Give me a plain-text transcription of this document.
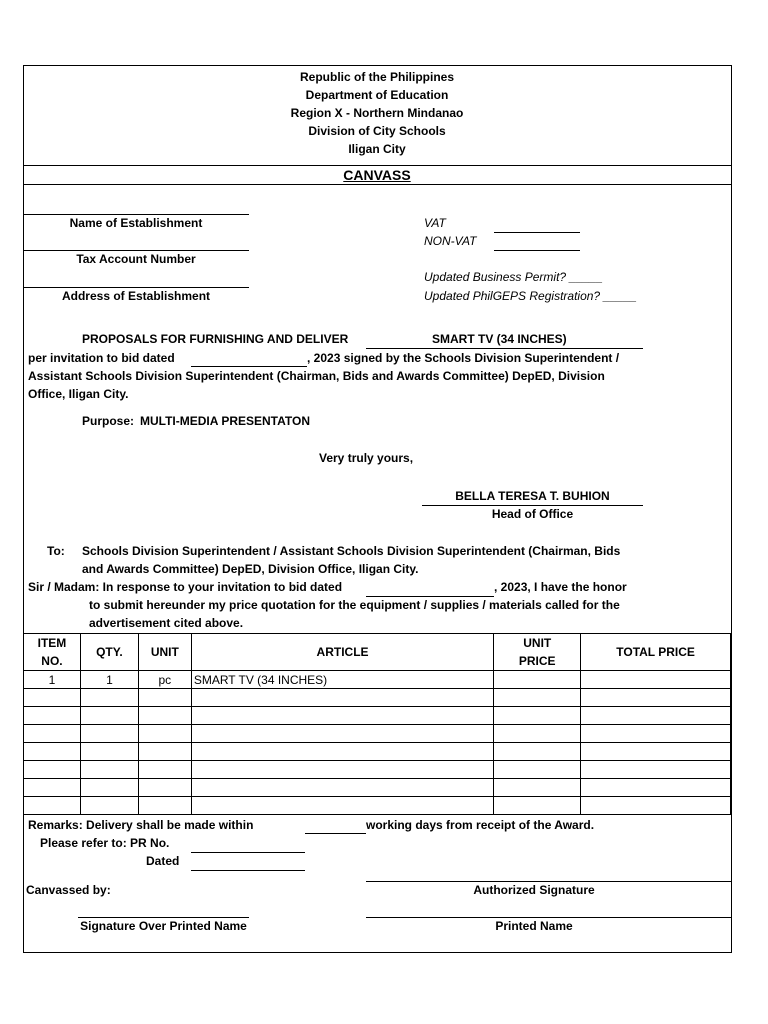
Republic of the Philippines
Department of Education
Region X - Northern Mindanao
Division of City Schools
Iligan City
CANVASS
Name of Establishment
Tax Account Number
Address of Establishment
VAT
NON-VAT
Updated Business Permit? _____
Updated PhilGEPS Registration? _____
PROPOSALS FOR FURNISHING AND DELIVER	SMART TV (34 INCHES)
per invitation to bid dated	, 2023 signed by the Schools Division Superintendent /
Assistant Schools Division Superintendent (Chairman, Bids and Awards Committee) DepED, Division
Office, Iligan City.
Purpose: MULTI-MEDIA PRESENTATON
Very truly yours,
BELLA TERESA T. BUHION
Head of Office
To: Schools Division Superintendent / Assistant Schools Division Superintendent (Chairman, Bids
and Awards Committee) DepED, Division Office, Iligan City.
Sir / Madam: In response to your invitation to bid dated	, 2023, I have the honor
to submit hereunder my price quotation for the equipment / supplies / materials called for the
advertisement cited above.
ITEM
NO.	QTY.	UNIT	ARTICLE	UNIT
PRICE	TOTAL PRICE
1	1	pc	SMART TV (34 INCHES)		

Remarks: Delivery shall be made within	working days from receipt of the Award.
Please refer to: PR No.
Dated
Canvassed by:	Authorized Signature
Signature Over Printed Name	Printed Name
